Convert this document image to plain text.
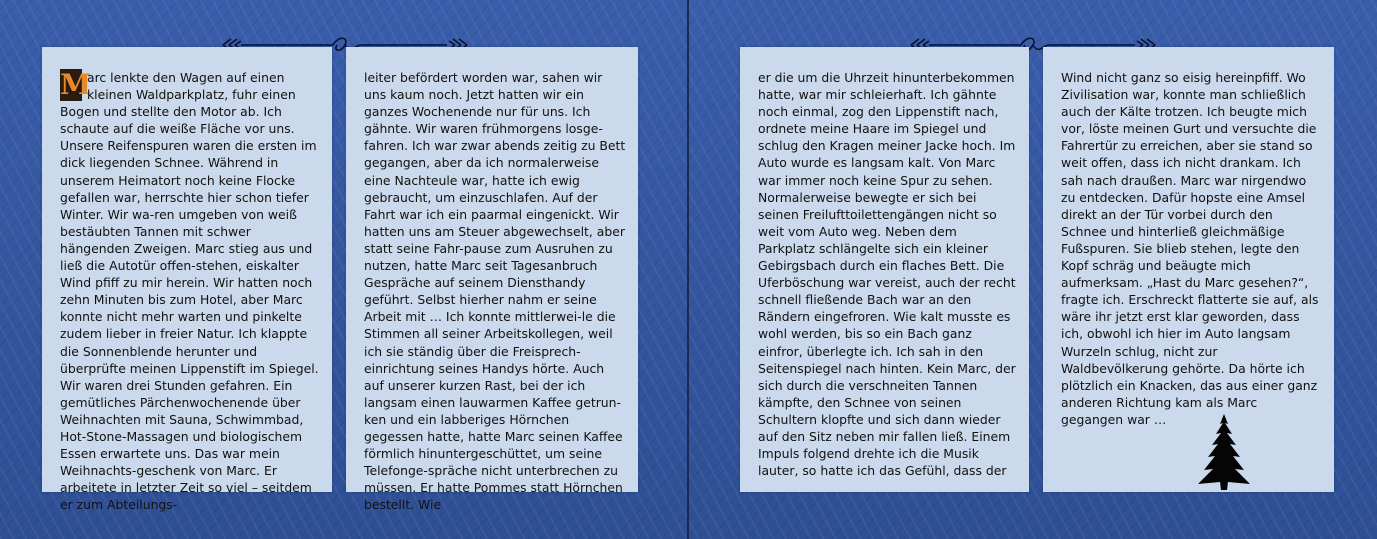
M
arc lenkte den Wagen auf einen kleinen Waldparkplatz, fuhr einen Bogen und stellte den Motor ab. Ich schaute auf die weiße Fläche vor uns. Unsere Reifenspuren waren die ersten im dick liegenden Schnee. Während in unserem Heimatort noch keine Flocke gefallen war, herrschte hier schon tiefer Winter. Wir wa-ren umgeben von weiß bestäubten Tannen mit schwer hängenden Zweigen. Marc stieg aus und ließ die Autotür offen-stehen, eiskalter Wind pfiff zu mir herein. Wir hatten noch zehn Minuten bis zum Hotel, aber Marc konnte nicht mehr warten und pinkelte zudem lieber in freier Natur. Ich klappte die Sonnenblende herunter und überprüfte meinen Lippenstift im Spiegel. Wir waren drei Stunden gefahren. Ein gemütliches Pärchenwochenende über Weihnachten mit Sauna, Schwimmbad, Hot-Stone-Massagen und biologischem Essen erwartete uns. Das war mein Weihnachts-geschenk von Marc. Er arbeitete in letzter Zeit so viel – seitdem er zum Abteilungs-

leiter befördert worden war, sahen wir uns kaum noch. Jetzt hatten wir ein ganzes Wochenende nur für uns. Ich gähnte. Wir waren frühmorgens losge-fahren. Ich war zwar abends zeitig zu Bett gegangen, aber da ich normalerweise eine Nachteule war, hatte ich ewig gebraucht, um einzuschlafen. Auf der Fahrt war ich ein paarmal eingenickt. Wir hatten uns am Steuer abgewechselt, aber statt seine Fahr-pause zum Ausruhen zu nutzen, hatte Marc seit Tagesanbruch Gespräche auf seinem Diensthandy geführt. Selbst hierher nahm er seine Arbeit mit … Ich konnte mittlerwei-le die Stimmen all seiner Arbeitskollegen, weil ich sie ständig über die Freisprech-einrichtung seines Handys hörte. Auch auf unserer kurzen Rast, bei der ich langsam einen lauwarmen Kaffee getrun-ken und ein labberiges Hörnchen gegessen hatte, hatte Marc seinen Kaffee förmlich hinuntergeschüttet, um seine Telefonge-spräche nicht unterbrechen zu müssen. Er hatte Pommes statt Hörnchen bestellt. Wie

er die um die Uhrzeit hinunterbekommen hatte, war mir schleierhaft. Ich gähnte noch einmal, zog den Lippenstift nach, ordnete meine Haare im Spiegel und schlug den Kragen meiner Jacke hoch. Im Auto wurde es langsam kalt. Von Marc war immer noch keine Spur zu sehen. Normalerweise bewegte er sich bei seinen Freilufttoilettengängen nicht so weit vom Auto weg. Neben dem Parkplatz schlängelte sich ein kleiner Gebirgsbach durch ein flaches Bett. Die Uferböschung war vereist, auch der recht schnell fließende Bach war an den Rändern eingefroren. Wie kalt musste es wohl werden, bis so ein Bach ganz einfror, überlegte ich. Ich sah in den Seitenspiegel nach hinten. Kein Marc, der sich durch die verschneiten Tannen kämpfte, den Schnee von seinen Schultern klopfte und sich dann wieder auf den Sitz neben mir fallen ließ. Einem Impuls folgend drehte ich die Musik lauter, so hatte ich das Gefühl, dass der

Wind nicht ganz so eisig hereinpfiff. Wo Zivilisation war, konnte man schließlich auch der Kälte trotzen. Ich beugte mich vor, löste meinen Gurt und versuchte die Fahrertür zu erreichen, aber sie stand so weit offen, dass ich nicht drankam. Ich sah nach draußen. Marc war nirgendwo zu entdecken. Dafür hopste eine Amsel direkt an der Tür vorbei durch den Schnee und hinterließ gleichmäßige Fußspuren. Sie blieb stehen, legte den Kopf schräg und beäugte mich aufmerksam. „Hast du Marc gesehen?“, fragte ich. Erschreckt flatterte sie auf, als wäre ihr jetzt erst klar geworden, dass ich, obwohl ich hier im Auto langsam Wurzeln schlug, nicht zur Waldbevölkerung gehörte. Da hörte ich plötzlich ein Knacken, das aus einer ganz anderen Richtung kam als Marc gegangen war …
